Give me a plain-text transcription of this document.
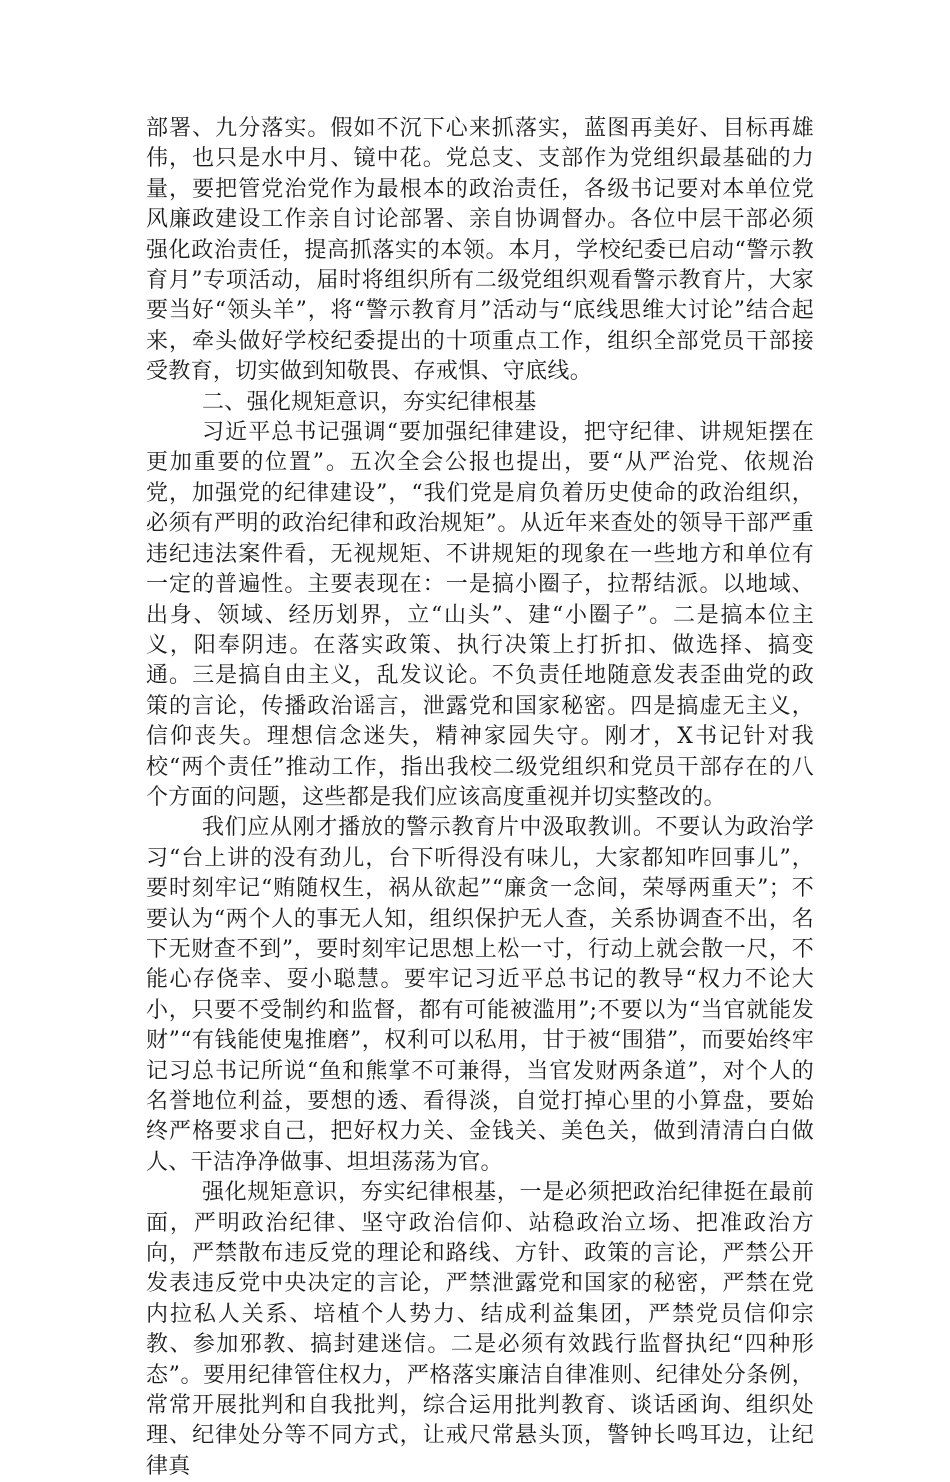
部署、九分落实。假如不沉下心来抓落实，蓝图再美好、目标再雄伟，也只是水中月、镜中花。党总支、支部作为党组织最基础的力量，要把管党治党作为最根本的政治责任，各级书记要对本单位党风廉政建设工作亲自讨论部署、亲自协调督办。各位中层干部必须强化政治责任，提高抓落实的本领。本月，学校纪委已启动“警示教育月”专项活动，届时将组织所有二级党组织观看警示教育片，大家要当好“领头羊”，将“警示教育月”活动与“底线思维大讨论”结合起来，牵头做好学校纪委提出的十项重点工作，组织全部党员干部接受教育，切实做到知敬畏、存戒惧、守底线。

二、强化规矩意识，夯实纪律根基

习近平总书记强调“要加强纪律建设，把守纪律、讲规矩摆在更加重要的位置”。五次全会公报也提出，要“从严治党、依规治党，加强党的纪律建设”，“我们党是肩负着历史使命的政治组织，必须有严明的政治纪律和政治规矩”。从近年来查处的领导干部严重违纪违法案件看，无视规矩、不讲规矩的现象在一些地方和单位有一定的普遍性。主要表现在：一是搞小圈子，拉帮结派。以地域、出身、领域、经历划界，立“山头”、建“小圈子”。二是搞本位主义，阳奉阴违。在落实政策、执行决策上打折扣、做选择、搞变通。三是搞自由主义，乱发议论。不负责任地随意发表歪曲党的政策的言论，传播政治谣言，泄露党和国家秘密。四是搞虚无主义，信仰丧失。理想信念迷失，精神家园失守。刚才，X书记针对我校“两个责任”推动工作，指出我校二级党组织和党员干部存在的八个方面的问题，这些都是我们应该高度重视并切实整改的。

我们应从刚才播放的警示教育片中汲取教训。不要认为政治学习“台上讲的没有劲儿，台下听得没有味儿，大家都知咋回事儿”，要时刻牢记“贿随权生，祸从欲起”“廉贪一念间，荣辱两重天”；不要认为“两个人的事无人知，组织保护无人查，关系协调查不出，名下无财查不到”，要时刻牢记思想上松一寸，行动上就会散一尺，不能心存侥幸、耍小聪慧。要牢记习近平总书记的教导“权力不论大小，只要不受制约和监督，都有可能被滥用”;不要以为“当官就能发财”“有钱能使鬼推磨”，权利可以私用，甘于被“围猎”，而要始终牢记习总书记所说“鱼和熊掌不可兼得，当官发财两条道”，对个人的名誉地位利益，要想的透、看得淡，自觉打掉心里的小算盘，要始终严格要求自己，把好权力关、金钱关、美色关，做到清清白白做人、干洁净净做事、坦坦荡荡为官。

强化规矩意识，夯实纪律根基，一是必须把政治纪律挺在最前面，严明政治纪律、坚守政治信仰、站稳政治立场、把准政治方向，严禁散布违反党的理论和路线、方针、政策的言论，严禁公开发表违反党中央决定的言论，严禁泄露党和国家的秘密，严禁在党内拉私人关系、培植个人势力、结成利益集团，严禁党员信仰宗教、参加邪教、搞封建迷信。二是必须有效践行监督执纪“四种形态”。要用纪律管住权力，严格落实廉洁自律准则、纪律处分条例，常常开展批判和自我批判，综合运用批判教育、谈话函询、组织处理、纪律处分等不同方式，让戒尺常悬头顶，警钟长鸣耳边，让纪律真
